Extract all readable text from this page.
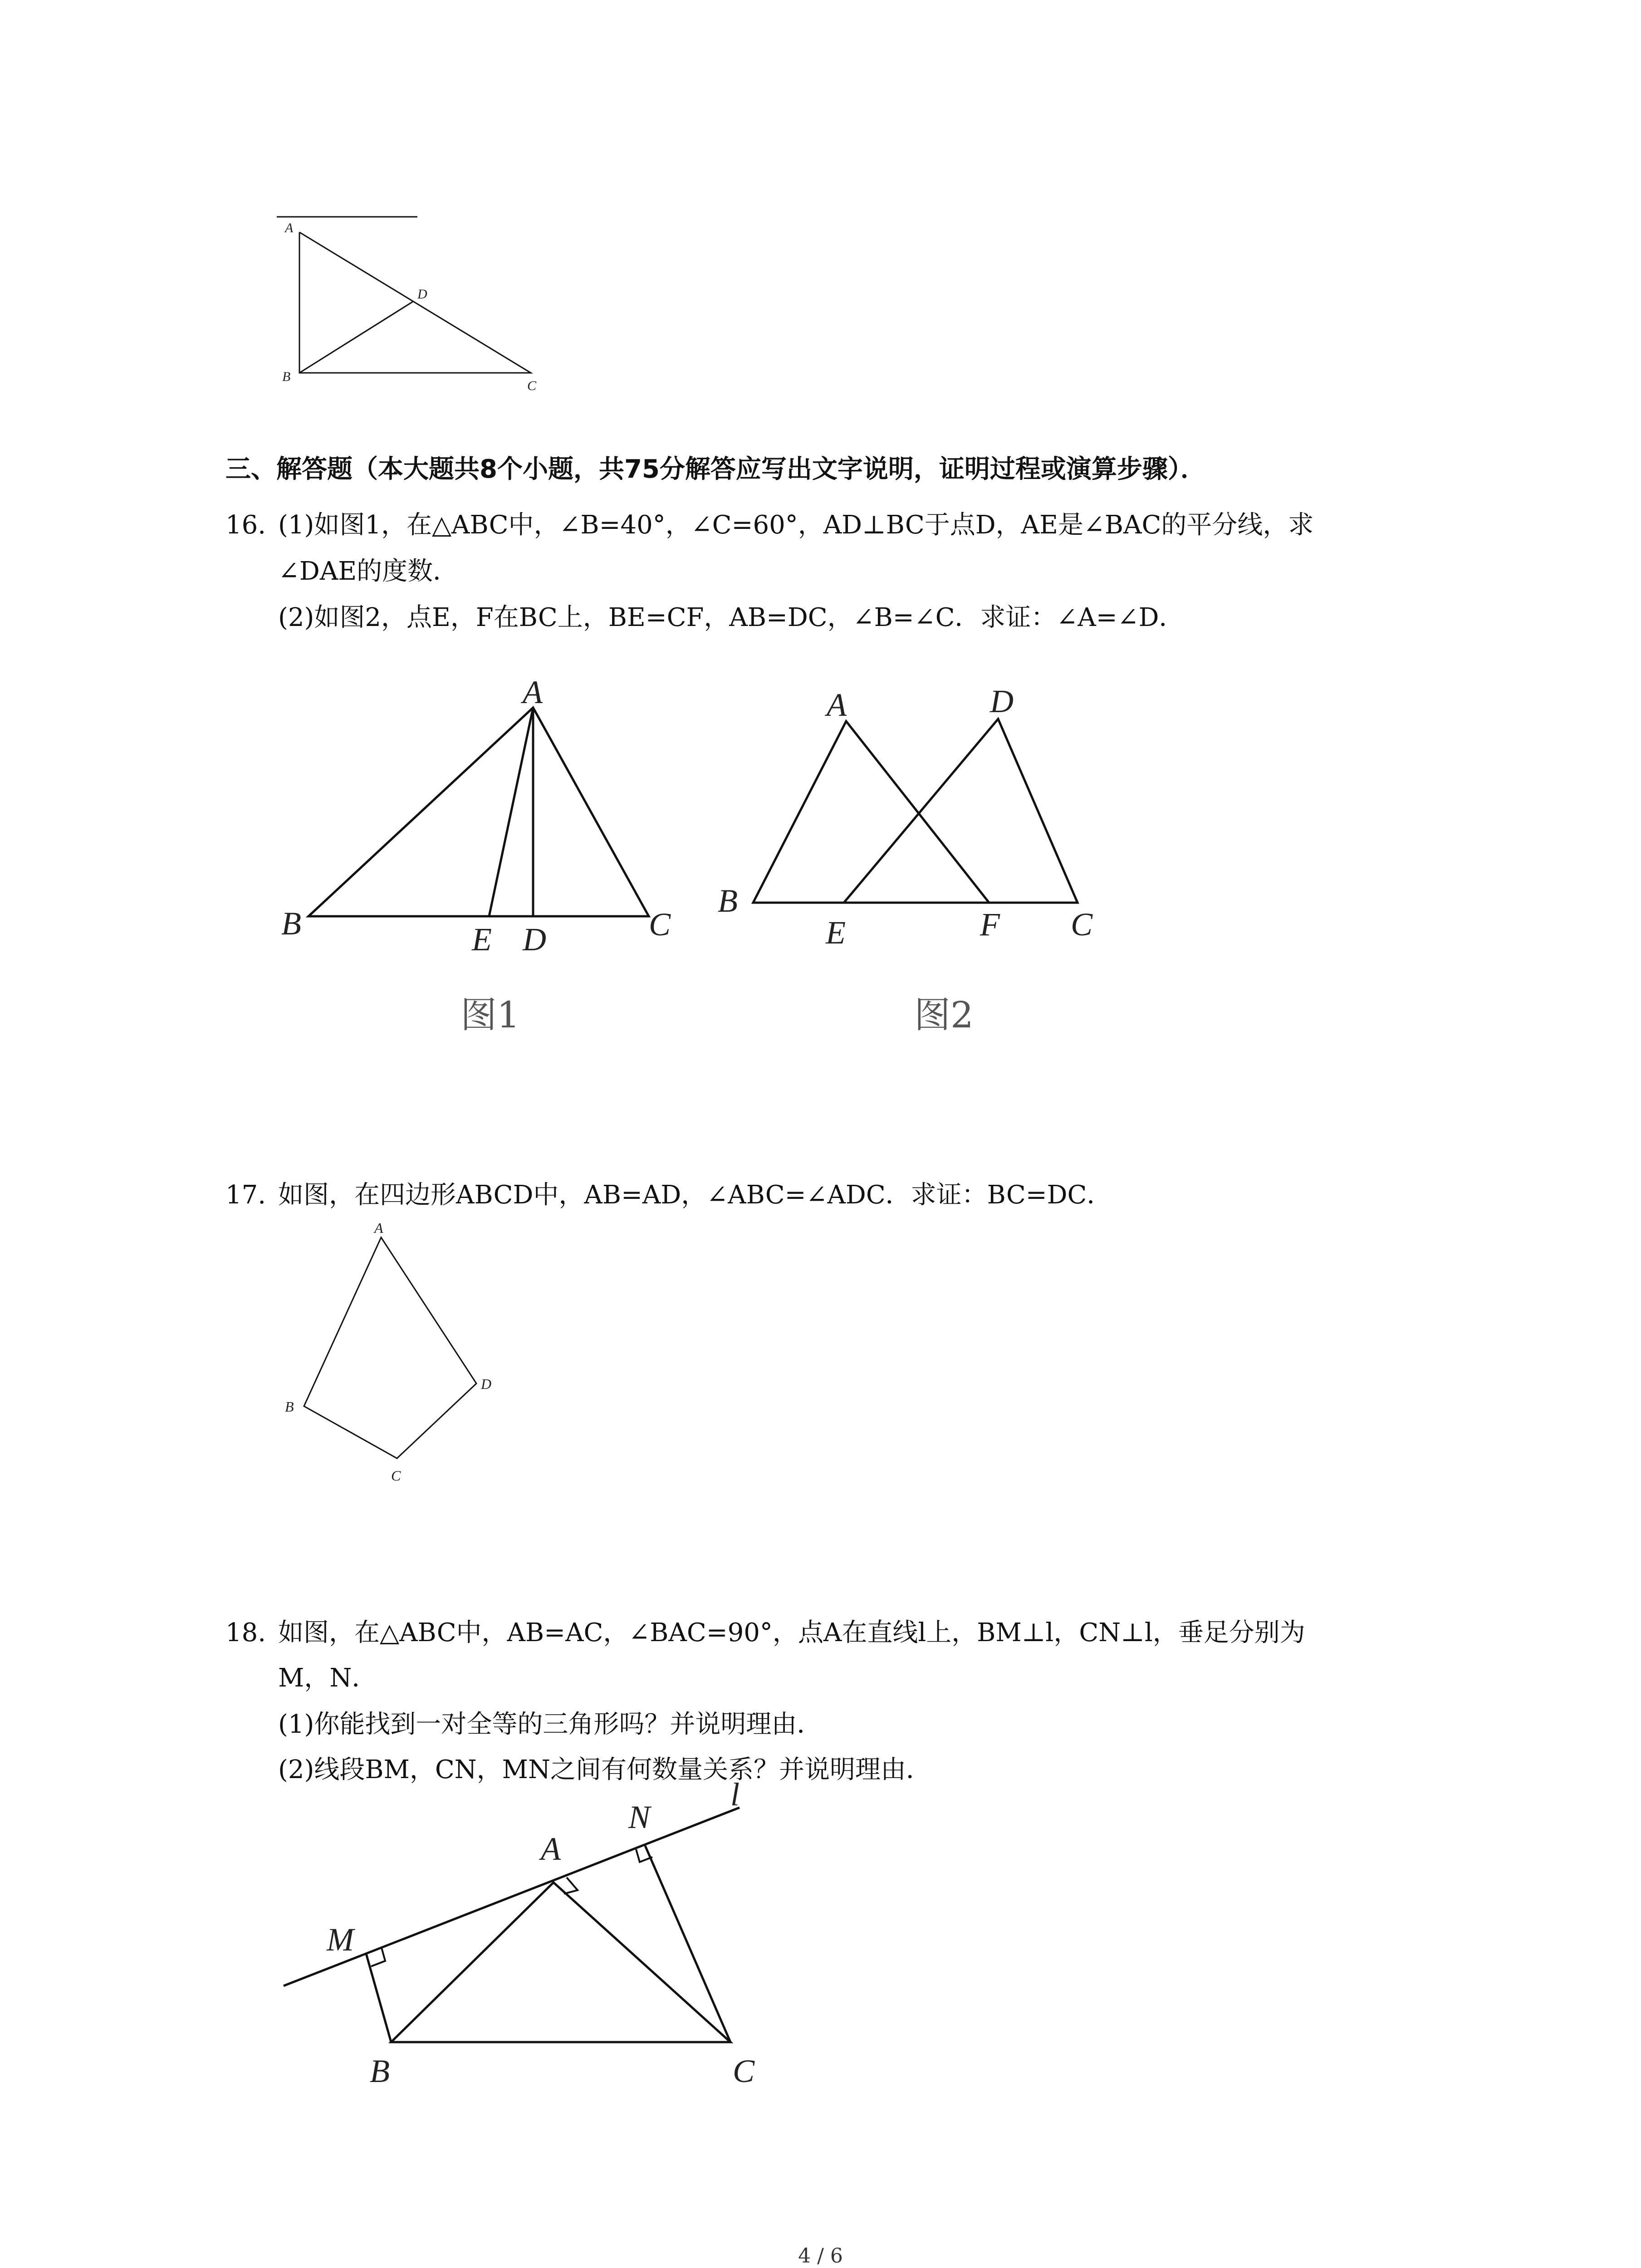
A
B
C
D
三、解答题（本大题共8个小题，共75分解答应写出文字说明，证明过程或演算步骤）．
16. (1)如图1，在△ABC中，∠B=40°，∠C=60°，AD⊥BC于点D，AE是∠BAC的平分线，求
∠DAE的度数．
(2)如图2，点E，F在BC上，BE=CF，AB=DC，∠B=∠C．求证：∠A=∠D．
A
B	E D	C
图1
A	D
B
E	F C
图2
17. 如图，在四边形ABCD中，AB=AD，∠ABC=∠ADC．求证：BC=DC．
A
B
C
D
18. 如图，在△ABC中，AB=AC，∠BAC=90°，点A在直线l上，BM⊥l，CN⊥l，垂足分别为
M，N．
(1)你能找到一对全等的三角形吗？并说明理由．
(2)线段BM，CN，MN之间有何数量关系？并说明理由．
M
A
N
l
B	C
4 / 6
